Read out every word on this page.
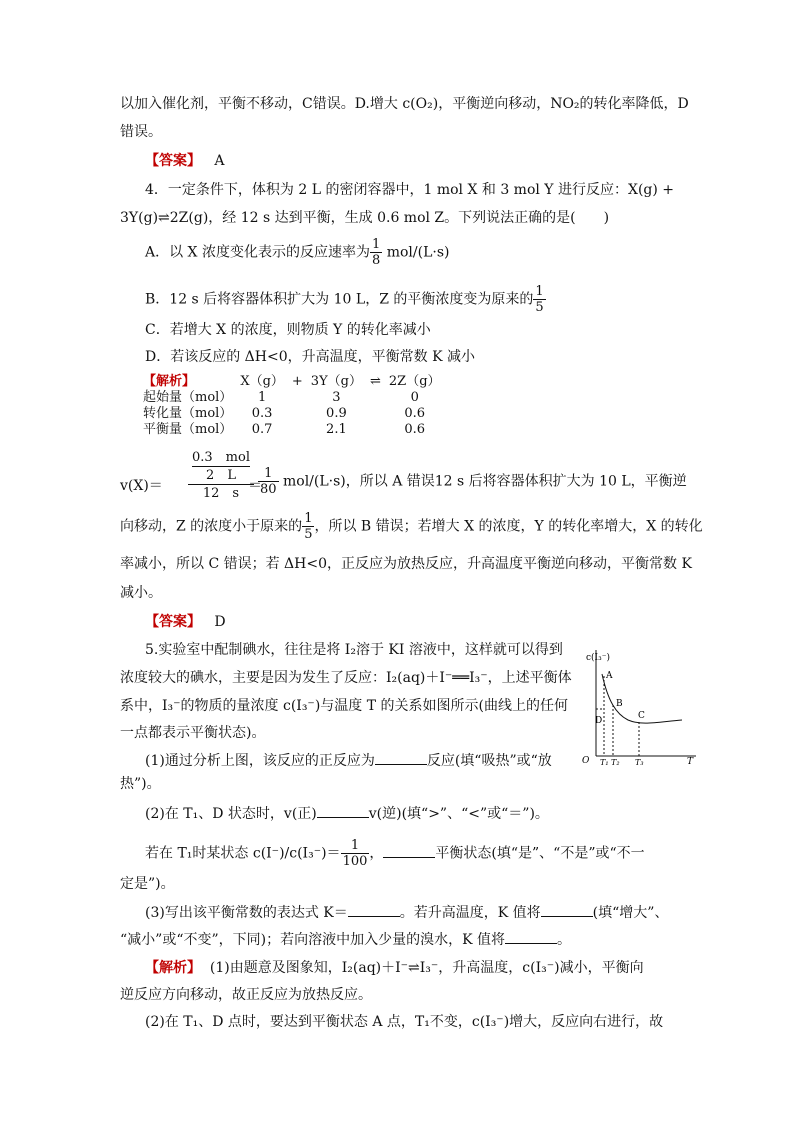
以加入催化剂，平衡不移动，C错误。D.增大 c(O₂)，平衡逆向移动，NO₂的转化率降低，D
错误。
【答案】 A
4．一定条件下，体积为 2 L 的密闭容器中，1 mol X 和 3 mol Y 进行反应：X(g) +
3Y(g)⇌2Z(g)，经 12 s 达到平衡，生成 0.6 mol Z。下列说法正确的是(　　)
A．以 X 浓度变化表示的反应速率为 $\frac{1}{8} mol/(L\cdot s)$
B．12 s 后将容器体积扩大为 10 L，Z 的平衡浓度变为原来的 $\frac{1}{5}$
C．若增大 X 的浓度，则物质 Y 的转化率减小
D．若该反应的 ΔH<0，升高温度，平衡常数 K 减小
【解析】	X（g）	+	3Y（g）	⇌	2Z（g）
起始量（mol）	1		3		0
转化量（mol）	0.3		0.9		0.6
平衡量（mol）	0.7		2.1		0.6
v(X)＝
0.3　mol
2　L
12　s ＝
$\frac{1}{80} mol/(L\cdot s)$，所以 A 错误12 s 后将容器体积扩大为 10 L，平衡逆
向移动，Z 的浓度小于原来的 $\frac{1}{5}$ ，所以 B 错误；若增大 X 的浓度，Y 的转化率增大，X 的转化
率减小，所以 C 错误；若 ΔH<0，正反应为放热反应，升高温度平衡逆向移动，平衡常数 K
减小。
【答案】 D
5.实验室中配制碘水，往往是将 I₂溶于 KI 溶液中，这样就可以得到
浓度较大的碘水，主要是因为发生了反应：I₂(aq)＋I⁻══I₃⁻，上述平衡体
系中，I₃⁻的物质的量浓度 c(I₃⁻)与温度 T 的关系如图所示(曲线上的任何
一点都表示平衡状态)。
c(I₃⁻)
O	T
A
B
C
D
T₁ T₂ T₃
(1)通过分析上图，该反应的正反应为	反应(填“吸热”或“放
热”)。
(2)在 T₁、D 状态时，v(正)	v(逆)(填“>”、“<”或“＝”)。
若在 T₁时某状态 $c(I^-)/c(I_3^-)= \frac{1}{100}$ ，	平衡状态(填“是”、“不是”或“不一
定是”)。
(3)写出该平衡常数的表达式 K＝	。若升高温度，K 值将	(填“增大”、
“减小”或“不变”，下同)；若向溶液中加入少量的溴水，K 值将	。
【解析】 (1)由题意及图象知，I₂(aq)＋I⁻⇌I₃⁻，升高温度，c(I₃⁻)减小，平衡向
逆反应方向移动，故正反应为放热反应。
(2)在 T₁、D 点时，要达到平衡状态 A 点，T₁不变，c(I₃⁻)增大，反应向右进行，故
